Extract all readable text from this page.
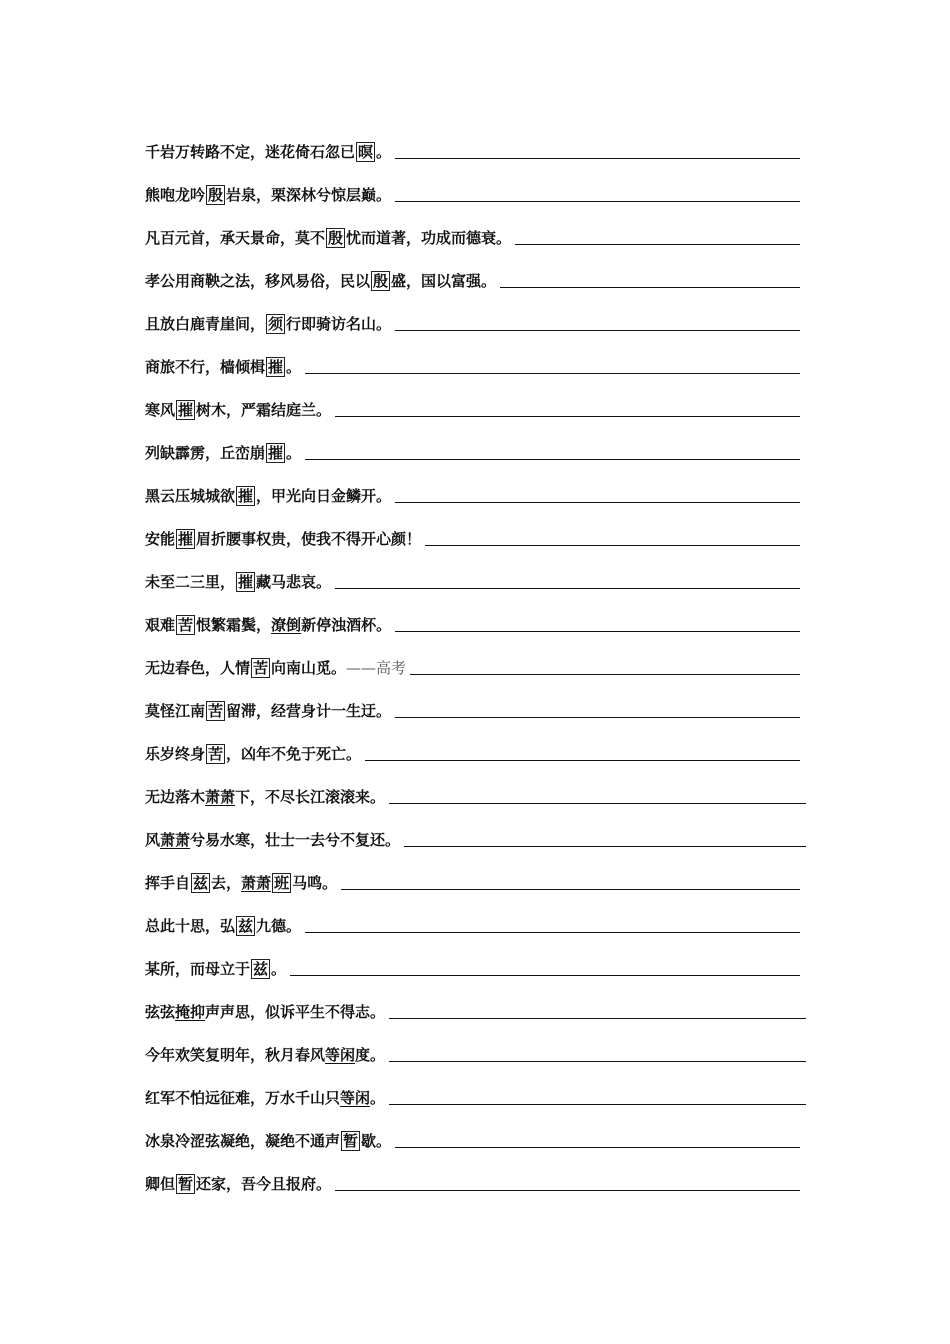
千岩万转路不定，迷花倚石忽已 暝 。
熊咆龙吟 殷 岩泉，栗深林兮惊层巅。
凡百元首，承天景命，莫不 殷 忧而道著，功成而德衰。
孝公用商鞅之法，移风易俗，民以 殷 盛，国以富强。
且放白鹿青崖间， 须 行即骑访名山。
商旅不行，樯倾楫 摧 。
寒风 摧 树木，严霜结庭兰。
列缺霹雳，丘峦崩 摧 。
黑云压城城欲 摧 ，甲光向日金鳞开。
安能 摧 眉折腰事权贵，使我不得开心颜！
未至二三里， 摧 藏马悲哀。
艰难 苦 恨繁霜鬓，潦倒新停浊酒杯。
无边春色，人情 苦 向南山觅。——高考
莫怪江南 苦 留滞，经营身计一生迂。
乐岁终身 苦 ，凶年不免于死亡。
无边落木萧萧下，不尽长江滚滚来。
风萧萧兮易水寒，壮士一去兮不复还。
挥手自 兹 去，萧萧 班 马鸣。
总此十思，弘 兹 九德。
某所，而母立于 兹 。
弦弦掩抑声声思，似诉平生不得志。
今年欢笑复明年，秋月春风等闲度。
红军不怕远征难，万水千山只等闲。
冰泉冷涩弦凝绝，凝绝不通声 暂 歇。
卿但 暂 还家，吾今且报府。
